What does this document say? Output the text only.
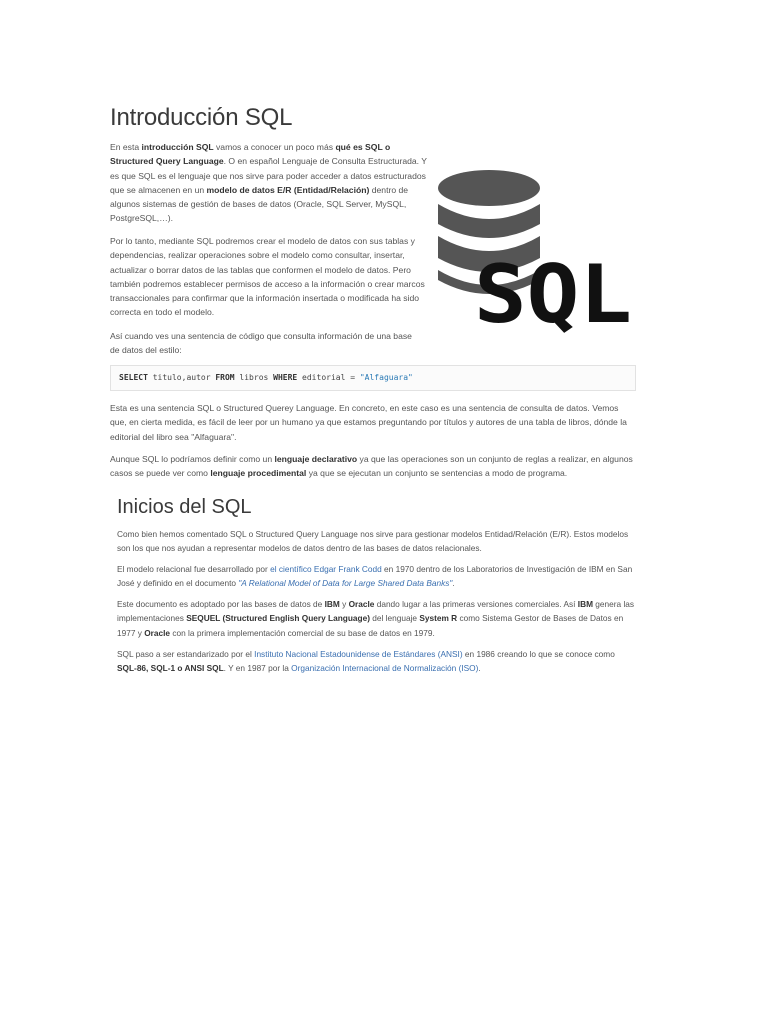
Introducción SQL

En esta introducción SQL vamos a conocer un poco más qué es SQL o Structured Query Language. O en español Lenguaje de Consulta Estructurada. Y es que SQL es el lenguaje que nos sirve para poder acceder a datos estructurados que se almacenen en un modelo de datos E/R (Entidad/Relación) dentro de algunos sistemas de gestión de bases de datos (Oracle, SQL Server, MySQL, PostgreSQL,…).

Por lo tanto, mediante SQL podremos crear el modelo de datos con sus tablas y dependencias, realizar operaciones sobre el modelo como consultar, insertar, actualizar o borrar datos de las tablas que conformen el modelo de datos. Pero también podremos establecer permisos de acceso a la información o crear marcos transaccionales para confirmar que la información insertada o modificada ha sido correcta en todo el modelo.

Así cuando ves una sentencia de código que consulta información de una base de datos del estilo:

SELECT titulo,autor FROM libros WHERE editorial = "Alfaguara"

Esta es una sentencia SQL o Structured Querey Language. En concreto, en este caso es una sentencia de consulta de datos. Vemos que, en cierta medida, es fácil de leer por un humano ya que estamos preguntando por títulos y autores de una tabla de libros, dónde la editorial del libro sea "Alfaguara".

Aunque SQL lo podríamos definir como un lenguaje declarativo ya que las operaciones son un conjunto de reglas a realizar, en algunos casos se puede ver como lenguaje procedimental ya que se ejecutan un conjunto se sentencias a modo de programa.

Inicios del SQL

Como bien hemos comentado SQL o Structured Query Language nos sirve para gestionar modelos Entidad/Relación (E/R). Estos modelos son los que nos ayudan a representar modelos de datos dentro de las bases de datos relacionales.

El modelo relacional fue desarrollado por el científico Edgar Frank Codd en 1970 dentro de los Laboratorios de Investigación de IBM en San José y definido en el documento "A Relational Model of Data for Large Shared Data Banks".

Este documento es adoptado por las bases de datos de IBM y Oracle dando lugar a las primeras versiones comerciales. Así IBM genera las implementaciones SEQUEL (Structured English Query Language) del lenguaje System R como Sistema Gestor de Bases de Datos en 1977 y Oracle con la primera implementación comercial de su base de datos en 1979.

SQL paso a ser estandarizado por el Instituto Nacional Estadounidense de Estándares (ANSI) en 1986 creando lo que se conoce como SQL-86, SQL-1 o ANSI SQL. Y en 1987 por la Organización Internacional de Normalización (ISO).

SQL
